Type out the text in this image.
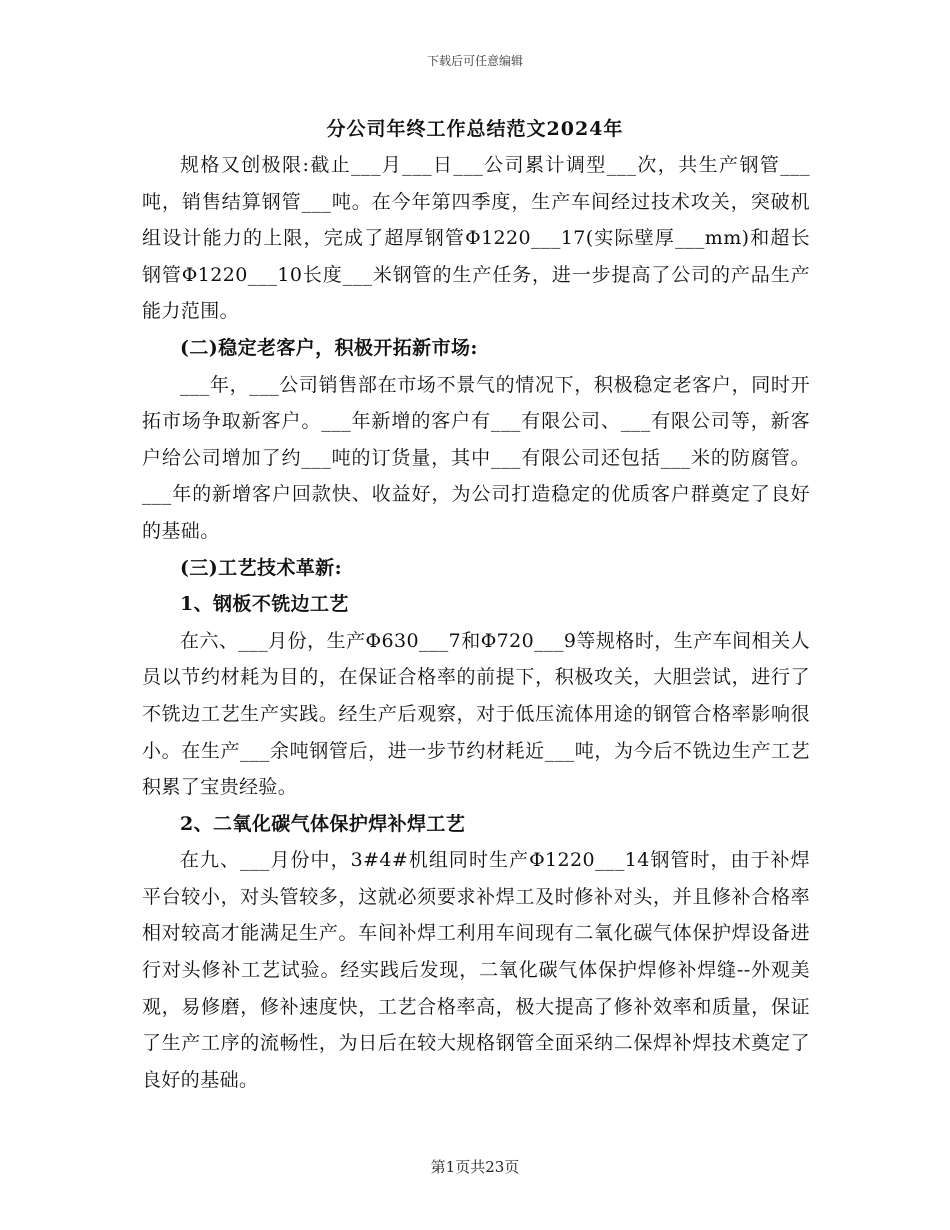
下载后可任意编辑
分公司年终工作总结范文2024年

规格又创极限:截止___月___日___公司累计调型___次，共生产钢管___吨，销售结算钢管___吨。在今年第四季度，生产车间经过技术攻关，突破机组设计能力的上限，完成了超厚钢管Φ1220___17(实际壁厚___mm)和超长钢管Φ1220___10长度___米钢管的生产任务，进一步提高了公司的产品生产能力范围。

(二)稳定老客户，积极开拓新市场:

___年，___公司销售部在市场不景气的情况下，积极稳定老客户，同时开拓市场争取新客户。___年新增的客户有___有限公司、___有限公司等，新客户给公司增加了约___吨的订货量，其中___有限公司还包括___米的防腐管。___年的新增客户回款快、收益好，为公司打造稳定的优质客户群奠定了良好的基础。

(三)工艺技术革新:

1、钢板不铣边工艺

在六、___月份，生产Φ630___7和Φ720___9等规格时，生产车间相关人员以节约材耗为目的，在保证合格率的前提下，积极攻关，大胆尝试，进行了不铣边工艺生产实践。经生产后观察，对于低压流体用途的钢管合格率影响很小。在生产___余吨钢管后，进一步节约材耗近___吨，为今后不铣边生产工艺积累了宝贵经验。

2、二氧化碳气体保护焊补焊工艺

在九、___月份中，3#4#机组同时生产Φ1220___14钢管时，由于补焊平台较小，对头管较多，这就必须要求补焊工及时修补对头，并且修补合格率相对较高才能满足生产。车间补焊工利用车间现有二氧化碳气体保护焊设备进行对头修补工艺试验。经实践后发现，二氧化碳气体保护焊修补焊缝--外观美观，易修磨，修补速度快，工艺合格率高，极大提高了修补效率和质量，保证了生产工序的流畅性，为日后在较大规格钢管全面采纳二保焊补焊技术奠定了良好的基础。

第1页共23页
